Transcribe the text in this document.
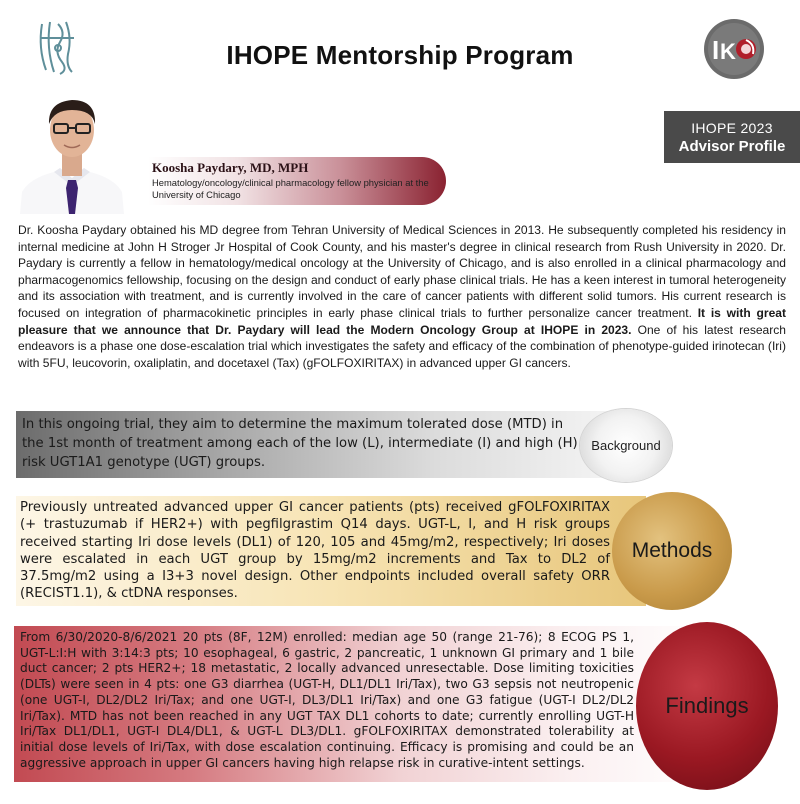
IHOPE Mentorship Program	I K
IHOPE 2023
Advisor Profile
Koosha Paydary, MD, MPH
Hematology/oncology/clinical pharmacology fellow physician at the University of Chicago
Dr. Koosha Paydary obtained his MD degree from Tehran University of Medical Sciences in 2013. He subsequently completed his residency in internal medicine at John H Stroger Jr Hospital of Cook County, and his master's degree in clinical research from Rush University in 2020. Dr. Paydary is currently a fellow in hematology/medical oncology at the University of Chicago, and is also enrolled in a clinical pharmacology and pharmacogenomics fellowship, focusing on the design and conduct of early phase clinical trials. He has a keen interest in tumoral heterogeneity and its association with treatment, and is currently involved in the care of cancer patients with different solid tumors. His current research is focused on integration of pharmacokinetic principles in early phase clinical trials to further personalize cancer treatment. It is with great pleasure that we announce that Dr. Paydary will lead the Modern Oncology Group at IHOPE in 2023. One of his latest research endeavors is a phase one dose-escalation trial which investigates the safety and efficacy of the combination of phenotype-guided irinotecan (Iri) with 5FU, leucovorin, oxaliplatin, and docetaxel (Tax) (gFOLFOXIRITAX) in advanced upper GI cancers.
In this ongoing trial, they aim to determine the maximum tolerated dose (MTD) in the 1st month of treatment among each of the low (L), intermediate (I) and high (H) risk UGT1A1 genotype (UGT) groups.
Background
Previously untreated advanced upper GI cancer patients (pts) received gFOLFOXIRITAX (+ trastuzumab if HER2+) with pegfilgrastim Q14 days. UGT-L, I, and H risk groups received starting Iri dose levels (DL1) of 120, 105 and 45mg/m2, respectively; Iri doses were escalated in each UGT group by 15mg/m2 increments and Tax to DL2 of 37.5mg/m2 using a I3+3 novel design. Other endpoints included overall safety ORR (RECIST1.1), & ctDNA responses.
Methods
From 6/30/2020-8/6/2021 20 pts (8F, 12M) enrolled: median age 50 (range 21-76); 8 ECOG PS 1, UGT-L:I:H with 3:14:3 pts; 10 esophageal, 6 gastric, 2 pancreatic, 1 unknown GI primary and 1 bile duct cancer; 2 pts HER2+; 18 metastatic, 2 locally advanced unresectable. Dose limiting toxicities (DLTs) were seen in 4 pts: one G3 diarrhea (UGT-H, DL1/DL1 Iri/Tax), two G3 sepsis not neutropenic (one UGT-I, DL2/DL2 Iri/Tax; and one UGT-I, DL3/DL1 Iri/Tax) and one G3 fatigue (UGT-I DL2/DL2 Iri/Tax). MTD has not been reached in any UGT TAX DL1 cohorts to date; currently enrolling UGT-H Iri/Tax DL1/DL1, UGT-I DL4/DL1, & UGT-L DL3/DL1. gFOLFOXIRITAX demonstrated tolerability at initial dose levels of Iri/Tax, with dose escalation continuing. Efficacy is promising and could be an aggressive approach in upper GI cancers having high relapse risk in curative-intent settings.
Findings
